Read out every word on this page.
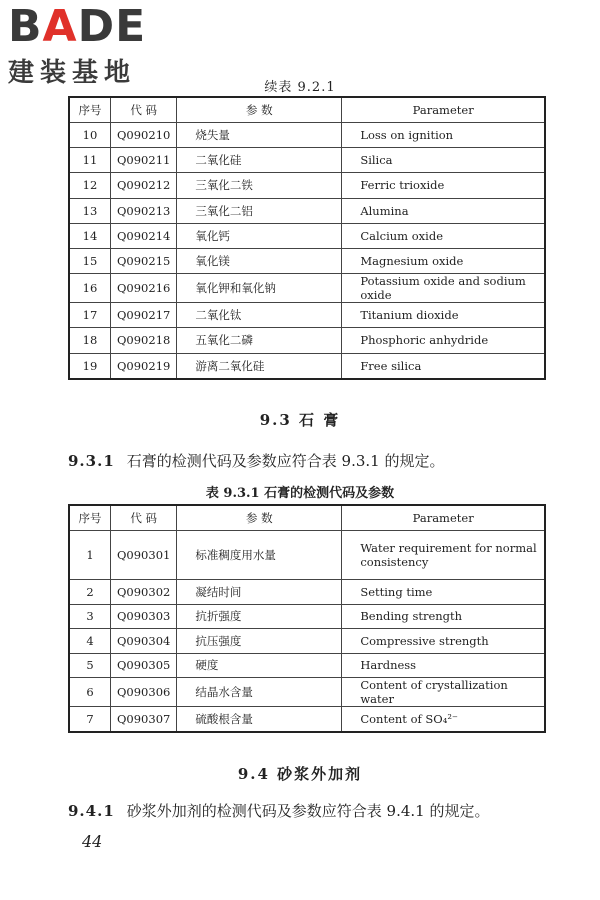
BADE
建装基地	续表 9.2.1
序号	代 码	参 数	Parameter
10	Q090210	烧失量	Loss on ignition
11	Q090211	二氧化硅	Silica
12	Q090212	三氧化二铁	Ferric trioxide
13	Q090213	三氧化二铝	Alumina
14	Q090214	氧化钙	Calcium oxide
15	Q090215	氧化镁	Magnesium oxide
16	Q090216	氧化钾和氧化钠	Potassium oxide and sodium oxide
17	Q090217	二氧化钛	Titanium dioxide
18	Q090218	五氧化二磷	Phosphoric anhydride
19	Q090219	游离二氧化硅	Free silica
9.3 石 膏
9.3.1 石膏的检测代码及参数应符合表 9.3.1 的规定。
表 9.3.1 石膏的检测代码及参数
序号	代 码	参 数	Parameter
1	Q090301	标准稠度用水量	Water requirement for normal consistency
2	Q090302	凝结时间	Setting time
3	Q090303	抗折强度	Bending strength
4	Q090304	抗压强度	Compressive strength
5	Q090305	硬度	Hardness
6	Q090306	结晶水含量	Content of crystallization water
7	Q090307	硫酸根含量	Content of SO₄²⁻
9.4 砂浆外加剂
9.4.1 砂浆外加剂的检测代码及参数应符合表 9.4.1 的规定。
44
